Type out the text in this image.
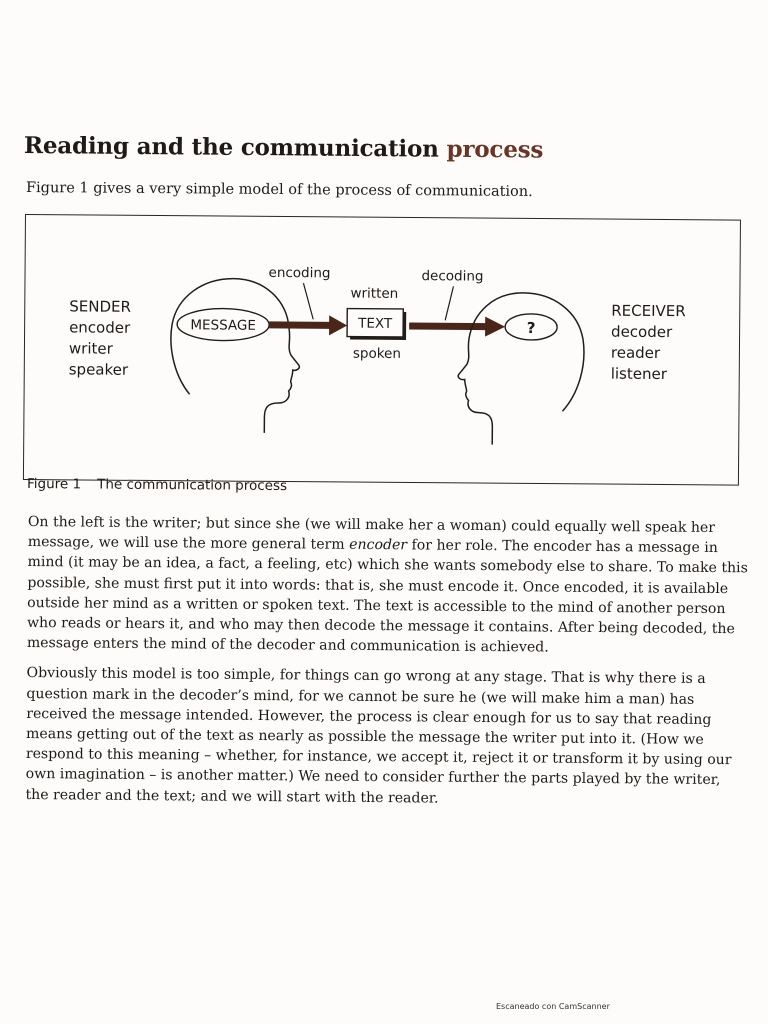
Reading and the communication process

Figure 1 gives a very simple model of the process of communication.

SENDER
encoder
writer
speaker
MESSAGE
encoding
written
TEXT
spoken
decoding
?
RECEIVER
decoder
reader
listener

Figure 1 The communication process

On the left is the writer; but since she (we will make her a woman) could equally well speak her message, we will use the more general term encoder for her role. The encoder has a message in mind (it may be an idea, a fact, a feeling, etc) which she wants somebody else to share. To make this possible, she must first put it into words: that is, she must encode it. Once encoded, it is available outside her mind as a written or spoken text. The text is accessible to the mind of another person who reads or hears it, and who may then decode the message it contains. After being decoded, the message enters the mind of the decoder and communication is achieved.

Obviously this model is too simple, for things can go wrong at any stage. That is why there is a question mark in the decoder’s mind, for we cannot be sure he (we will make him a man) has received the message intended. However, the process is clear enough for us to say that reading means getting out of the text as nearly as possible the message the writer put into it. (How we respond to this meaning – whether, for instance, we accept it, reject it or transform it by using our own imagination – is another matter.) We need to consider further the parts played by the writer, the reader and the text; and we will start with the reader.

Escaneado con CamScanner
